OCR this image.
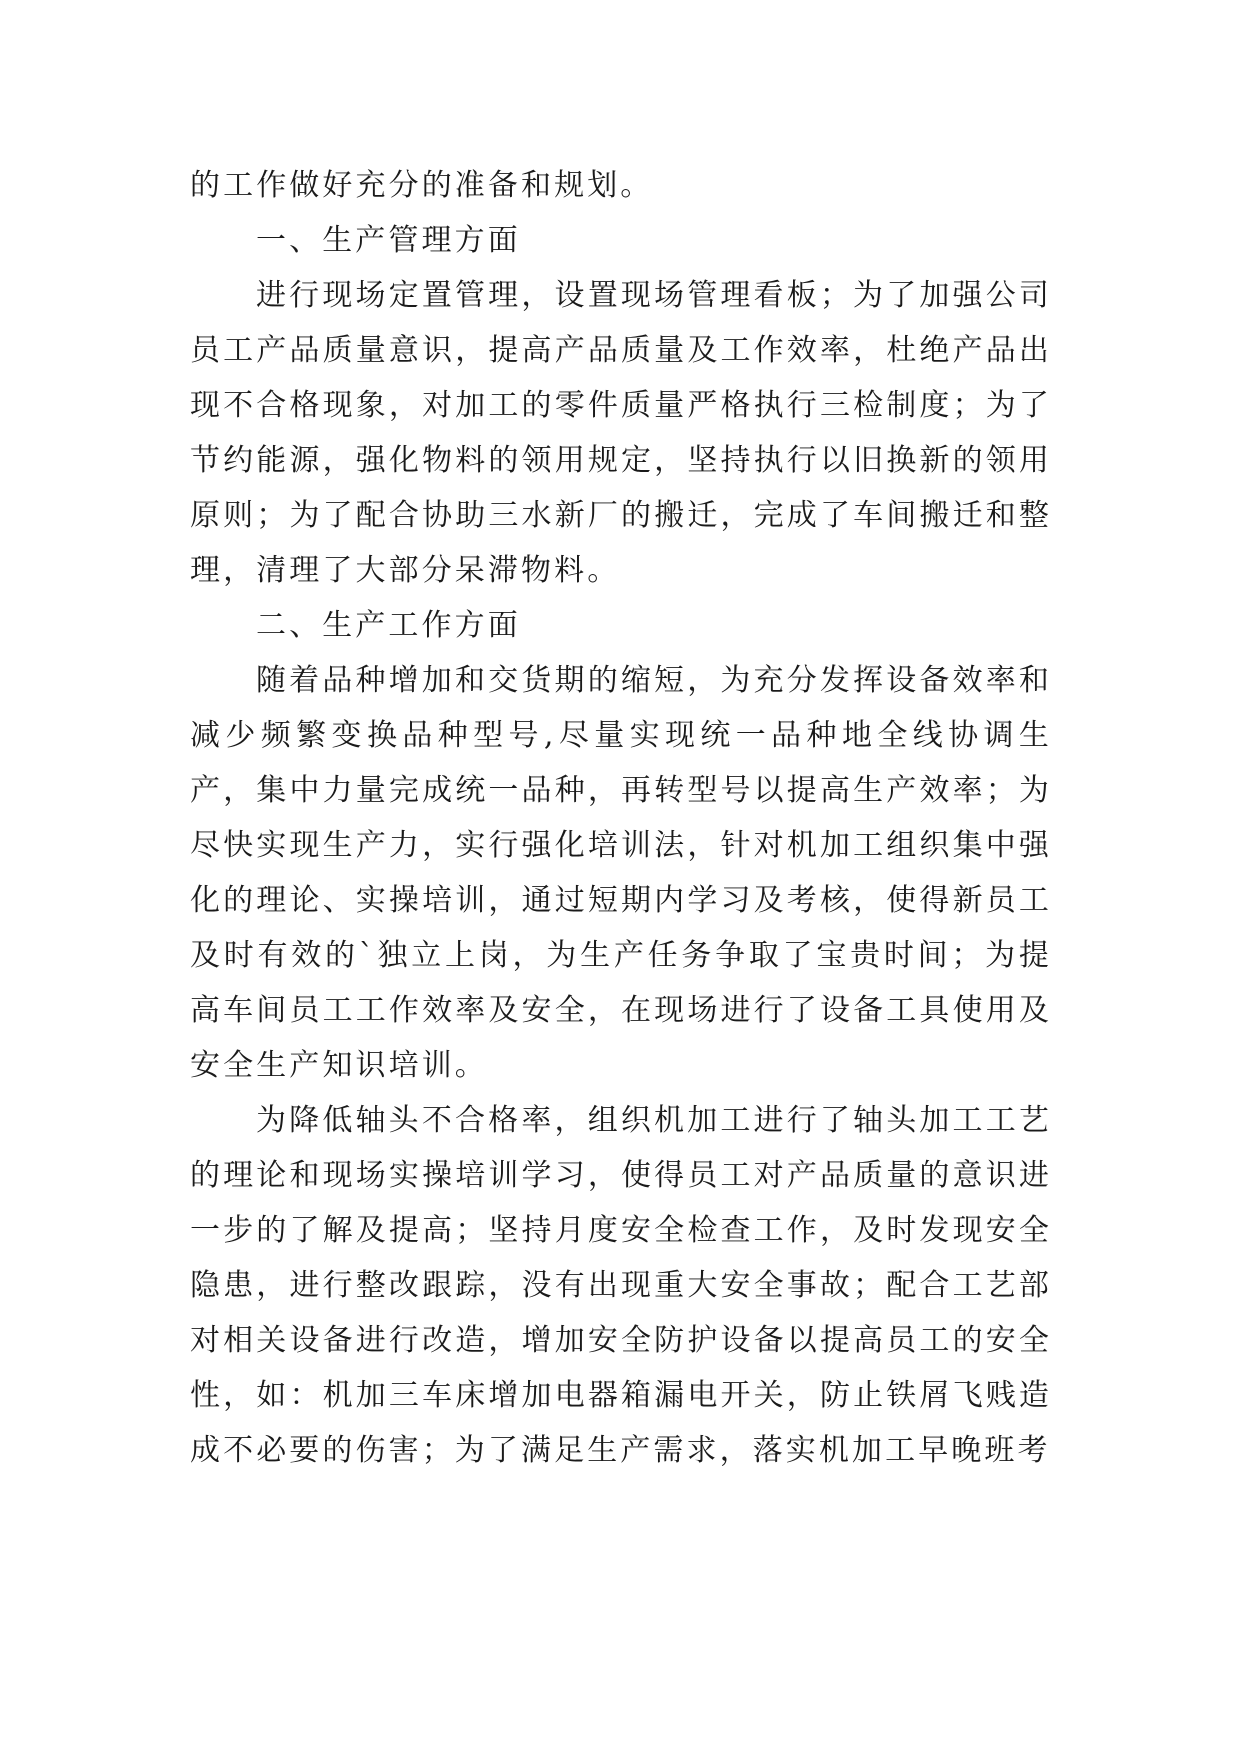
的工作做好充分的准备和规划。

一、生产管理方面

进行现场定置管理，设置现场管理看板；为了加强公司员工产品质量意识，提高产品质量及工作效率，杜绝产品出现不合格现象，对加工的零件质量严格执行三检制度；为了节约能源，强化物料的领用规定，坚持执行以旧换新的领用原则；为了配合协助三水新厂的搬迁，完成了车间搬迁和整理，清理了大部分呆滞物料。

二、生产工作方面

随着品种增加和交货期的缩短，为充分发挥设备效率和减少频繁变换品种型号,尽量实现统一品种地全线协调生产，集中力量完成统一品种，再转型号以提高生产效率；为尽快实现生产力，实行强化培训法，针对机加工组织集中强化的理论、实操培训，通过短期内学习及考核，使得新员工及时有效的`独立上岗，为生产任务争取了宝贵时间；为提高车间员工工作效率及安全，在现场进行了设备工具使用及安全生产知识培训。

为降低轴头不合格率，组织机加工进行了轴头加工工艺的理论和现场实操培训学习，使得员工对产品质量的意识进一步的了解及提高；坚持月度安全检查工作，及时发现安全隐患，进行整改跟踪，没有出现重大安全事故；配合工艺部对相关设备进行改造，增加安全防护设备以提高员工的安全性，如：机加三车床增加电器箱漏电开关，防止铁屑飞贱造成不必要的伤害；为了满足生产需求，落实机加工早晚班考
